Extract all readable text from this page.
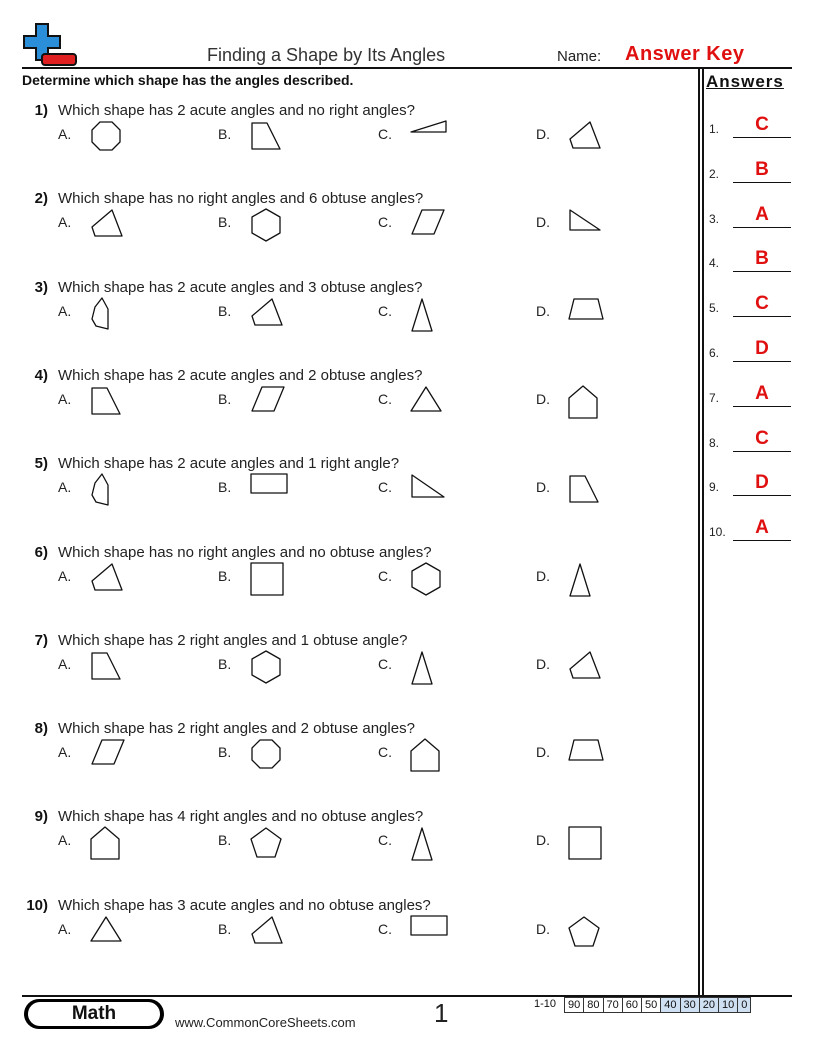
Finding a Shape by Its Angles	Name: Answer Key
Determine which shape has the angles described.	Answers
1) Which shape has 2 acute angles and no right angles?
A.	B.	C.	D.
2) Which shape has no right angles and 6 obtuse angles?
A.	B.	C.	D.
3) Which shape has 2 acute angles and 3 obtuse angles?
A.	B.	C.	D.
4) Which shape has 2 acute angles and 2 obtuse angles?
A.	B.	C.	D.
5) Which shape has 2 acute angles and 1 right angle?
A.	B.	C.	D.
6) Which shape has no right angles and no obtuse angles?
A.	B.	C.	D.
7) Which shape has 2 right angles and 1 obtuse angle?
A.	B.	C.	D.
8) Which shape has 2 right angles and 2 obtuse angles?
A.	B.	C.	D.
9) Which shape has 4 right angles and no obtuse angles?
A.	B.	C.	D.
10) Which shape has 3 acute angles and no obtuse angles?
A.	B.	C.	D.
1.	C
2.	B
3.	A
4.	B
5.	C
6.	D
7.	A
8.	C
9.	D
10.	A
Math	www.CommonCoreSheets.com	1	1-10	90 80 70 60 50 40 30 20 10 0
